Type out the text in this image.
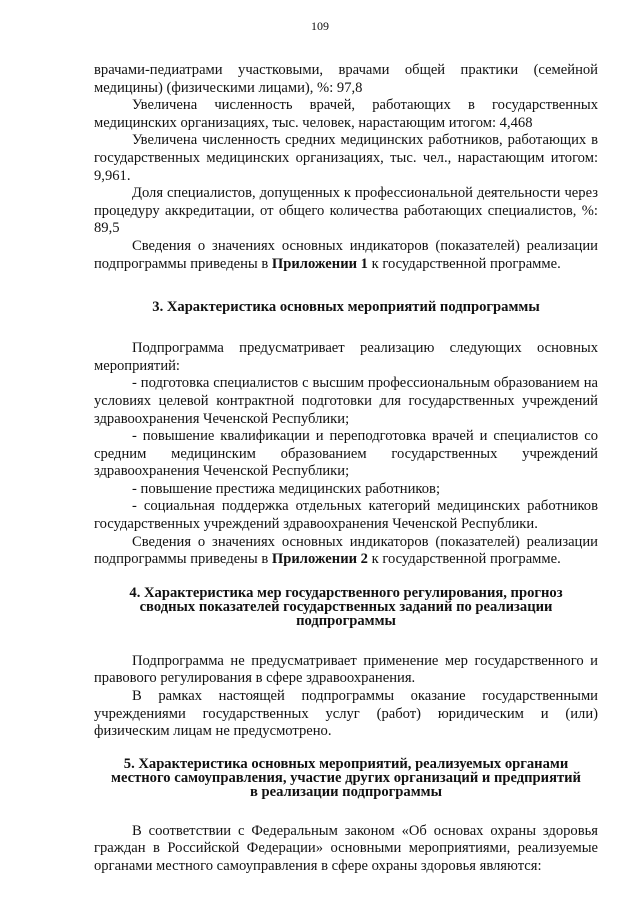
109

врачами-педиатрами участковыми, врачами общей практики (семейной медицины) (физическими лицами), %: 97,8

Увеличена численность врачей, работающих в государственных медицинских организациях, тыс. человек, нарастающим итогом: 4,468

Увеличена численность средних медицинских работников, работающих в государственных медицинских организациях, тыс. чел., нарастающим итогом: 9,961.

Доля специалистов, допущенных к профессиональной деятельности через процедуру аккредитации, от общего количества работающих специалистов, %: 89,5

Сведения о значениях основных индикаторов (показателей) реализации подпрограммы приведены в Приложении 1 к государственной программе.

3. Характеристика основных мероприятий подпрограммы

Подпрограмма предусматривает реализацию следующих основных мероприятий:

- подготовка специалистов с высшим профессиональным образованием на условиях целевой контрактной подготовки для государственных учреждений здравоохранения Чеченской Республики;

- повышение квалификации и переподготовка врачей и специалистов со средним медицинским образованием государственных учреждений здравоохранения Чеченской Республики;

- повышение престижа медицинских работников;

- социальная поддержка отдельных категорий медицинских работников государственных учреждений здравоохранения Чеченской Республики.

Сведения о значениях основных индикаторов (показателей) реализации подпрограммы приведены в Приложении 2 к государственной программе.

4. Характеристика мер государственного регулирования, прогноз
сводных показателей государственных заданий по реализации
подпрограммы

Подпрограмма не предусматривает применение мер государственного и правового регулирования в сфере здравоохранения.

В рамках настоящей подпрограммы оказание государственными учреждениями государственных услуг (работ) юридическим и (или) физическим лицам не предусмотрено.

5. Характеристика основных мероприятий, реализуемых органами
местного самоуправления, участие других организаций и предприятий
в реализации подпрограммы

В соответствии с Федеральным законом «Об основах охраны здоровья граждан в Российской Федерации» основными мероприятиями, реализуемые органами местного самоуправления в сфере охраны здоровья являются:
